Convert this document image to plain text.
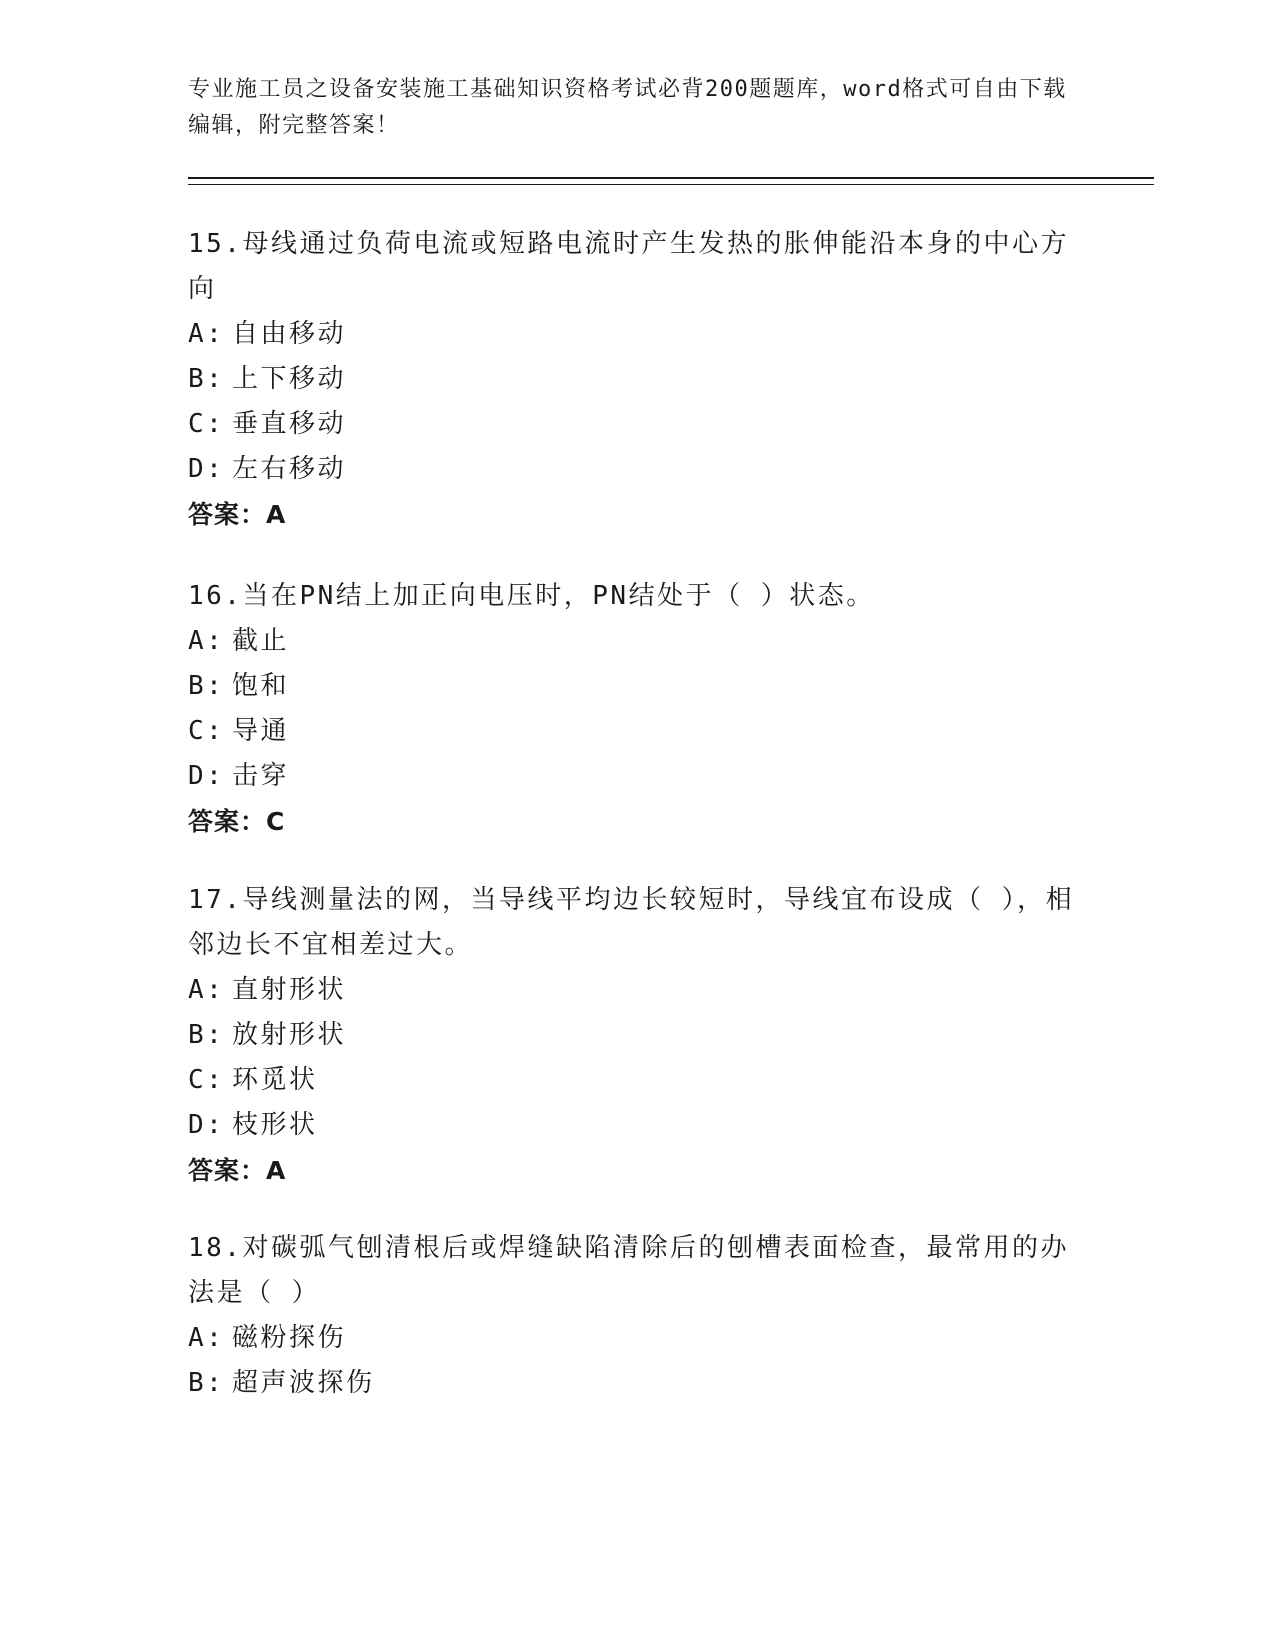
专业施工员之设备安装施工基础知识资格考试必背200题题库，word格式可自由下载编辑，附完整答案！

15.母线通过负荷电流或短路电流时产生发热的胀伸能沿本身的中心方向

A: 自由移动
B: 上下移动
C: 垂直移动
D: 左右移动
答案：A

16.当在PN结上加正向电压时，PN结处于（ ）状态。

A: 截止
B: 饱和
C: 导通
D: 击穿
答案：C

17.导线测量法的网，当导线平均边长较短时，导线宜布设成（ ），相邻边长不宜相差过大。

A: 直射形状
B: 放射形状
C: 环觅状
D: 枝形状
答案：A

18.对碳弧气刨清根后或焊缝缺陷清除后的刨槽表面检查，最常用的办法是（ ）

A: 磁粉探伤
B: 超声波探伤
